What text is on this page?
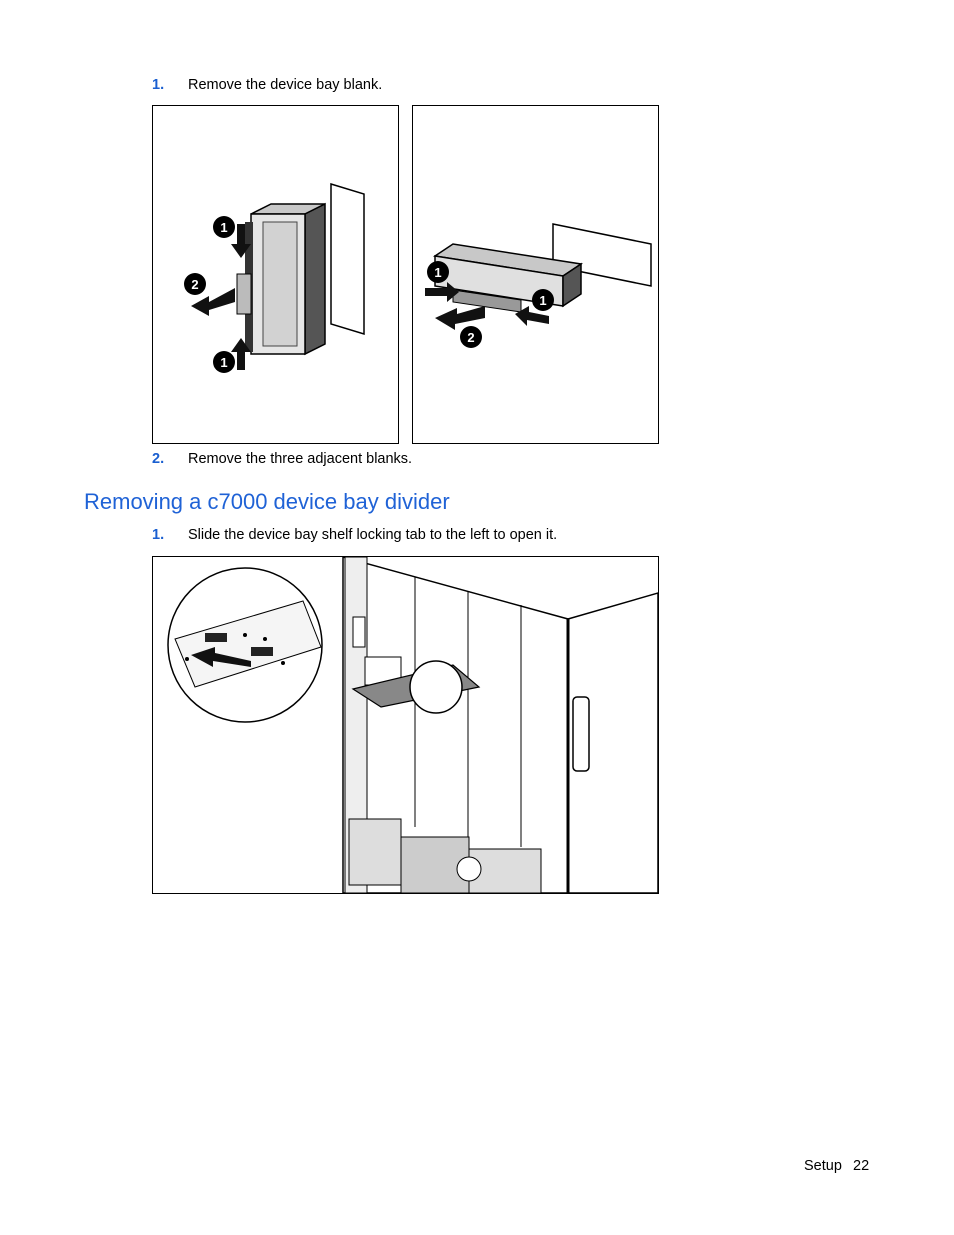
1. Remove the device bay blank.
1
2
1
1
1
2
2. Remove the three adjacent blanks.
Removing a c7000 device bay divider
1. Slide the device bay shelf locking tab to the left to open it.
Setup 22
